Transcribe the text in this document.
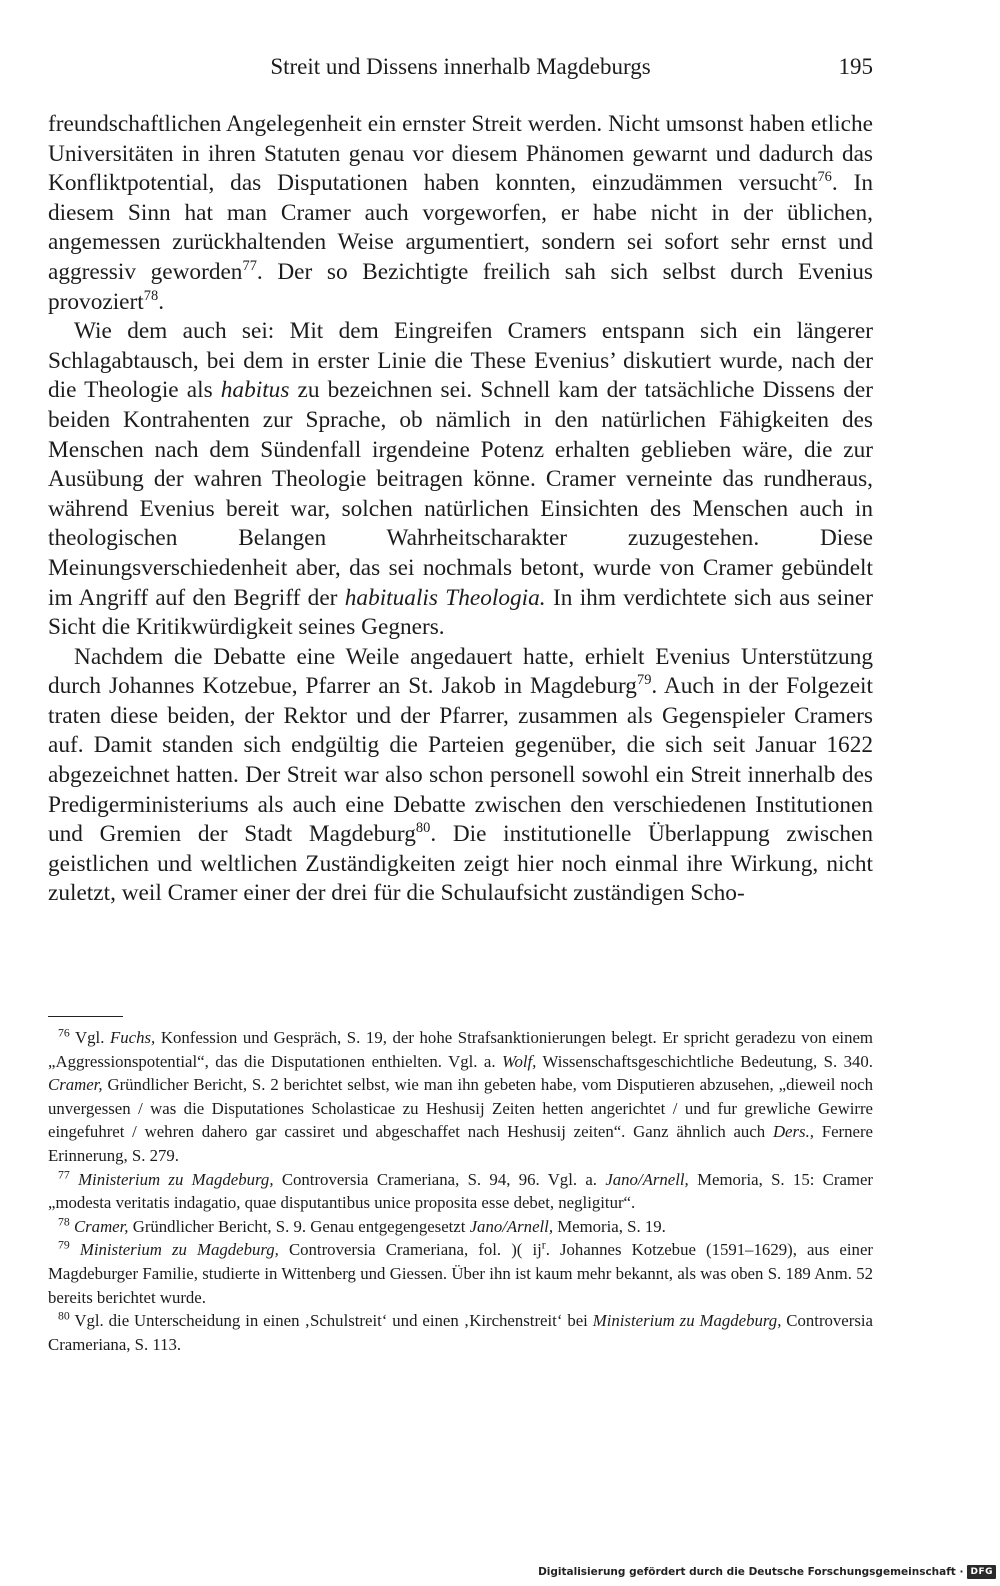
Streit und Dissens innerhalb Magdeburgs	195

freundschaftlichen Angelegenheit ein ernster Streit werden. Nicht umsonst haben etliche Universitäten in ihren Statuten genau vor diesem Phänomen gewarnt und dadurch das Konfliktpotential, das Disputationen haben konnten, einzudämmen versucht$^{76}$. In diesem Sinn hat man Cramer auch vorgeworfen, er habe nicht in der üblichen, angemessen zurückhaltenden Weise argumentiert, sondern sei sofort sehr ernst und aggressiv geworden$^{77}$. Der so Bezichtigte freilich sah sich selbst durch Evenius provoziert$^{78}$.

Wie dem auch sei: Mit dem Eingreifen Cramers entspann sich ein längerer Schlagabtausch, bei dem in erster Linie die These Evenius’ diskutiert wurde, nach der die Theologie als habitus zu bezeichnen sei. Schnell kam der tatsächliche Dissens der beiden Kontrahenten zur Sprache, ob nämlich in den natürlichen Fähigkeiten des Menschen nach dem Sündenfall irgendeine Potenz erhalten geblieben wäre, die zur Ausübung der wahren Theologie beitragen könne. Cramer verneinte das rundheraus, während Evenius bereit war, solchen natürlichen Einsichten des Menschen auch in theologischen Belangen Wahrheitscharakter zuzugestehen. Diese Meinungsverschiedenheit aber, das sei nochmals betont, wurde von Cramer gebündelt im Angriff auf den Begriff der habitualis Theologia. In ihm verdichtete sich aus seiner Sicht die Kritikwürdigkeit seines Gegners.

Nachdem die Debatte eine Weile angedauert hatte, erhielt Evenius Unterstützung durch Johannes Kotzebue, Pfarrer an St. Jakob in Magdeburg$^{79}$. Auch in der Folgezeit traten diese beiden, der Rektor und der Pfarrer, zusammen als Gegenspieler Cramers auf. Damit standen sich endgültig die Parteien gegenüber, die sich seit Januar 1622 abgezeichnet hatten. Der Streit war also schon personell sowohl ein Streit innerhalb des Predigerministeriums als auch eine Debatte zwischen den verschiedenen Institutionen und Gremien der Stadt Magdeburg$^{80}$. Die institutionelle Überlappung zwischen geistlichen und weltlichen Zuständigkeiten zeigt hier noch einmal ihre Wirkung, nicht zuletzt, weil Cramer einer der drei für die Schulaufsicht zuständigen Scho-

$^{76}$ Vgl. Fuchs, Konfession und Gespräch, S. 19, der hohe Strafsanktionierungen belegt. Er spricht geradezu von einem „Aggressionspotential“, das die Disputationen enthielten. Vgl. a. Wolf, Wissenschaftsgeschichtliche Bedeutung, S. 340. Cramer, Gründlicher Bericht, S. 2 berichtet selbst, wie man ihn gebeten habe, vom Disputieren abzusehen, „dieweil noch unvergessen / was die Disputationes Scholasticae zu Heshusij Zeiten hetten angerichtet / und fur grewliche Gewirre eingefuhret / wehren dahero gar cassiret und abgeschaffet nach Heshusij zeiten“. Ganz ähnlich auch Ders., Fernere Erinnerung, S. 279.

$^{77}$ Ministerium zu Magdeburg, Controversia Crameriana, S. 94, 96. Vgl. a. Jano/Arnell, Memoria, S. 15: Cramer „modesta veritatis indagatio, quae disputantibus unice proposita esse debet, negligitur“.

$^{78}$ Cramer, Gründlicher Bericht, S. 9. Genau entgegengesetzt Jano/Arnell, Memoria, S. 19.

$^{79}$ Ministerium zu Magdeburg, Controversia Crameriana, fol. )( $ij^r$. Johannes Kotzebue (1591–1629), aus einer Magdeburger Familie, studierte in Wittenberg und Giessen. Über ihn ist kaum mehr bekannt, als was oben S. 189 Anm. 52 bereits berichtet wurde.

$^{80}$ Vgl. die Unterscheidung in einen ‚Schulstreit‘ und einen ‚Kirchenstreit‘ bei Ministerium zu Magdeburg, Controversia Crameriana, S. 113.

Digitalisierung gefördert durch die Deutsche Forschungsgemeinschaft · DFG
